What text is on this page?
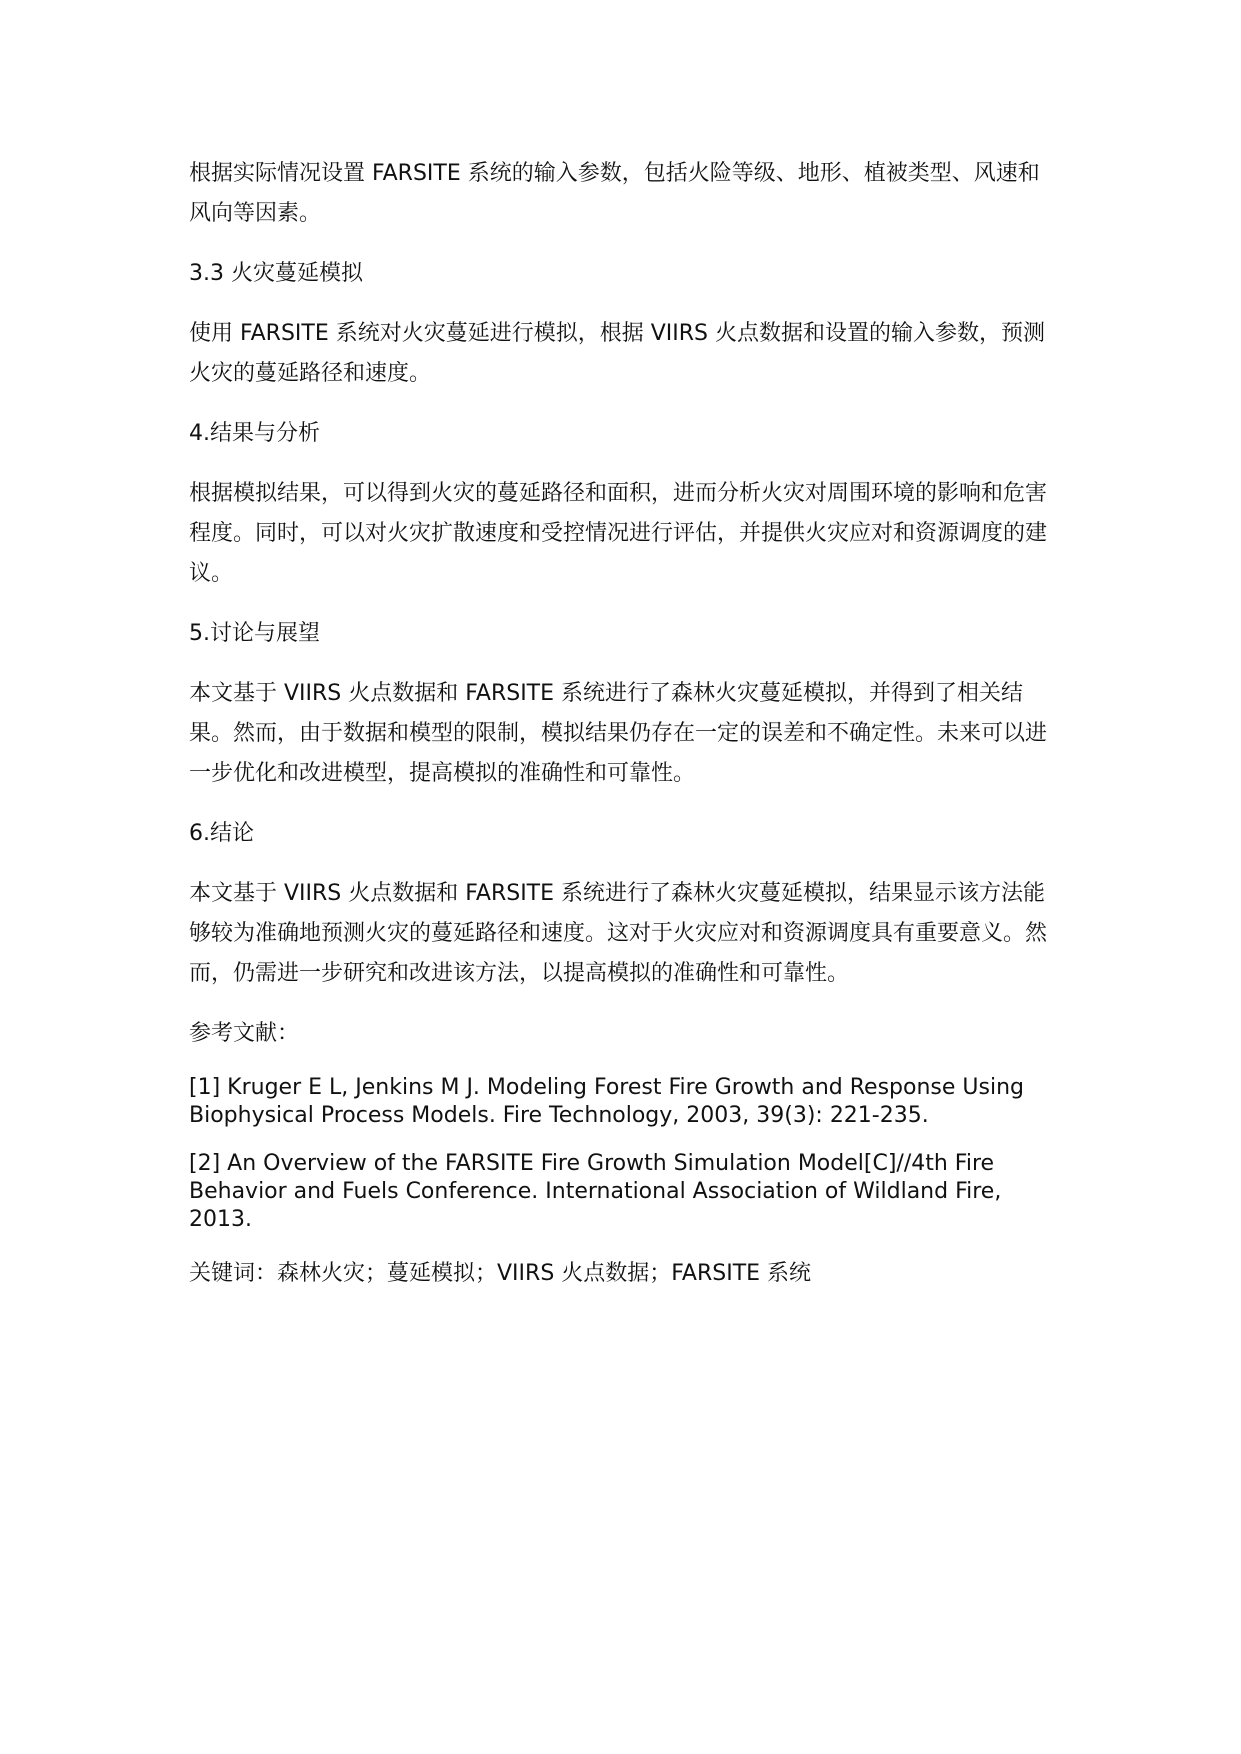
根据实际情况设置 FARSITE 系统的输入参数，包括火险等级、地形、植被类型、风速和风向等因素。

3.3 火灾蔓延模拟

使用 FARSITE 系统对火灾蔓延进行模拟，根据 VIIRS 火点数据和设置的输入参数，预测火灾的蔓延路径和速度。

4.结果与分析

根据模拟结果，可以得到火灾的蔓延路径和面积，进而分析火灾对周围环境的影响和危害程度。同时，可以对火灾扩散速度和受控情况进行评估，并提供火灾应对和资源调度的建议。

5.讨论与展望

本文基于 VIIRS 火点数据和 FARSITE 系统进行了森林火灾蔓延模拟，并得到了相关结果。然而，由于数据和模型的限制，模拟结果仍存在一定的误差和不确定性。未来可以进一步优化和改进模型，提高模拟的准确性和可靠性。

6.结论

本文基于 VIIRS 火点数据和 FARSITE 系统进行了森林火灾蔓延模拟，结果显示该方法能够较为准确地预测火灾的蔓延路径和速度。这对于火灾应对和资源调度具有重要意义。然而，仍需进一步研究和改进该方法，以提高模拟的准确性和可靠性。

参考文献：

[1] Kruger E L, Jenkins M J. Modeling Forest Fire Growth and Response Using Biophysical Process Models. Fire Technology, 2003, 39(3): 221-235.

[2] An Overview of the FARSITE Fire Growth Simulation Model[C]//4th Fire Behavior and Fuels Conference. International Association of Wildland Fire, 2013.

关键词：森林火灾；蔓延模拟；VIIRS 火点数据；FARSITE 系统
